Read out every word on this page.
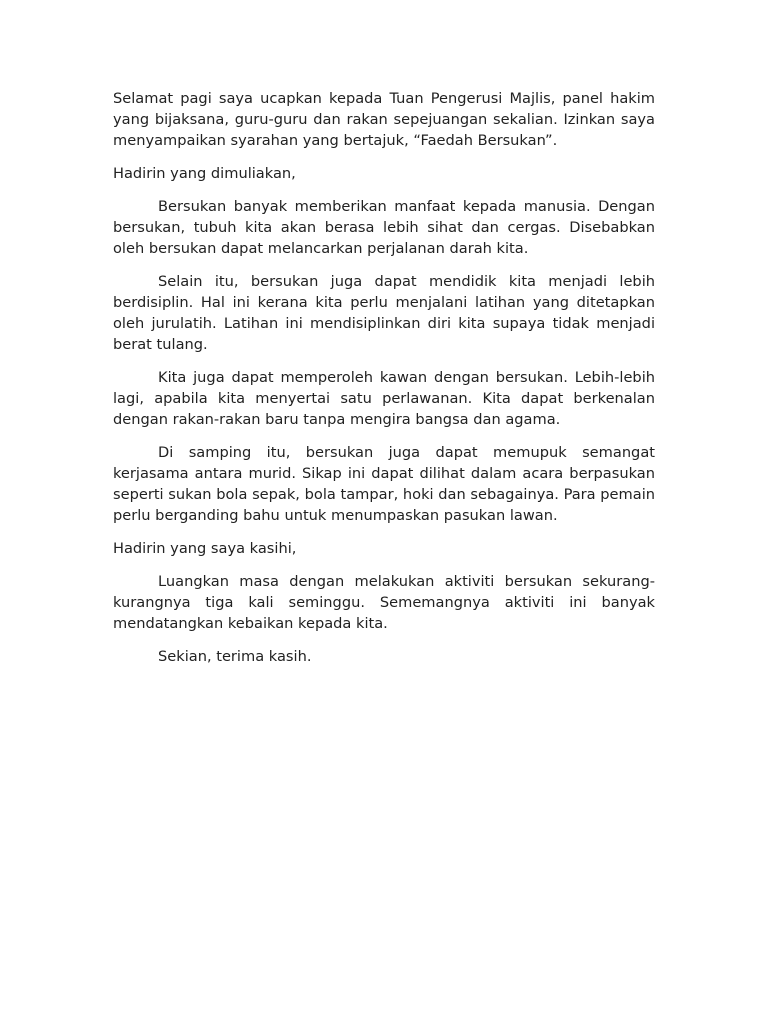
Selamat pagi saya ucapkan kepada Tuan Pengerusi Majlis, panel hakim yang bijaksana, guru-guru dan rakan sepejuangan sekalian. Izinkan saya menyampaikan syarahan yang bertajuk, “Faedah Bersukan”.

Hadirin yang dimuliakan,

Bersukan banyak memberikan manfaat kepada manusia. Dengan bersukan, tubuh kita akan berasa lebih sihat dan cergas. Disebabkan oleh bersukan dapat melancarkan perjalanan darah kita.

Selain itu, bersukan juga dapat mendidik kita menjadi lebih berdisiplin. Hal ini kerana kita perlu menjalani latihan yang ditetapkan oleh jurulatih. Latihan ini mendisiplinkan diri kita supaya tidak menjadi berat tulang.

Kita juga dapat memperoleh kawan dengan bersukan. Lebih-lebih lagi, apabila kita menyertai satu perlawanan. Kita dapat berkenalan dengan rakan-rakan baru tanpa mengira bangsa dan agama.

Di samping itu, bersukan juga dapat memupuk semangat kerjasama antara murid. Sikap ini dapat dilihat dalam acara berpasukan seperti sukan bola sepak, bola tampar, hoki dan sebagainya. Para pemain perlu berganding bahu untuk menumpaskan pasukan lawan.

Hadirin yang saya kasihi,

Luangkan masa dengan melakukan aktiviti bersukan sekurang-kurangnya tiga kali seminggu. Sememangnya aktiviti ini banyak mendatangkan kebaikan kepada kita.

Sekian, terima kasih.
